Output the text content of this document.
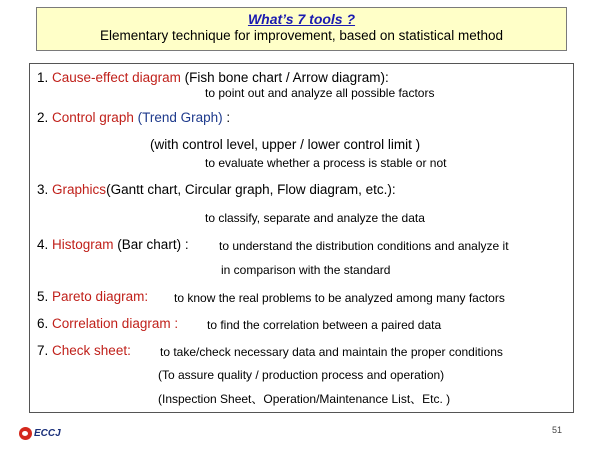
What’s 7 tools ?
Elementary technique for improvement, based on statistical method
1. Cause-effect diagram (Fish bone chart / Arrow diagram):
to point out and analyze all possible factors
2. Control graph (Trend Graph) :
(with control level, upper / lower control limit )
to evaluate whether a process is stable or not
3. Graphics(Gantt chart, Circular graph, Flow diagram, etc.):
to classify, separate and analyze the data
4. Histogram (Bar chart) :	to understand the distribution conditions and analyze it
in comparison with the standard
5. Pareto diagram: to know the real problems to be analyzed among many factors
6. Correlation diagram : to find the correlation between a paired data
7. Check sheet: to take/check necessary data and maintain the proper conditions
(To assure quality / production process and operation)
(Inspection Sheet、Operation/Maintenance List、Etc. )
ECCJ	51
